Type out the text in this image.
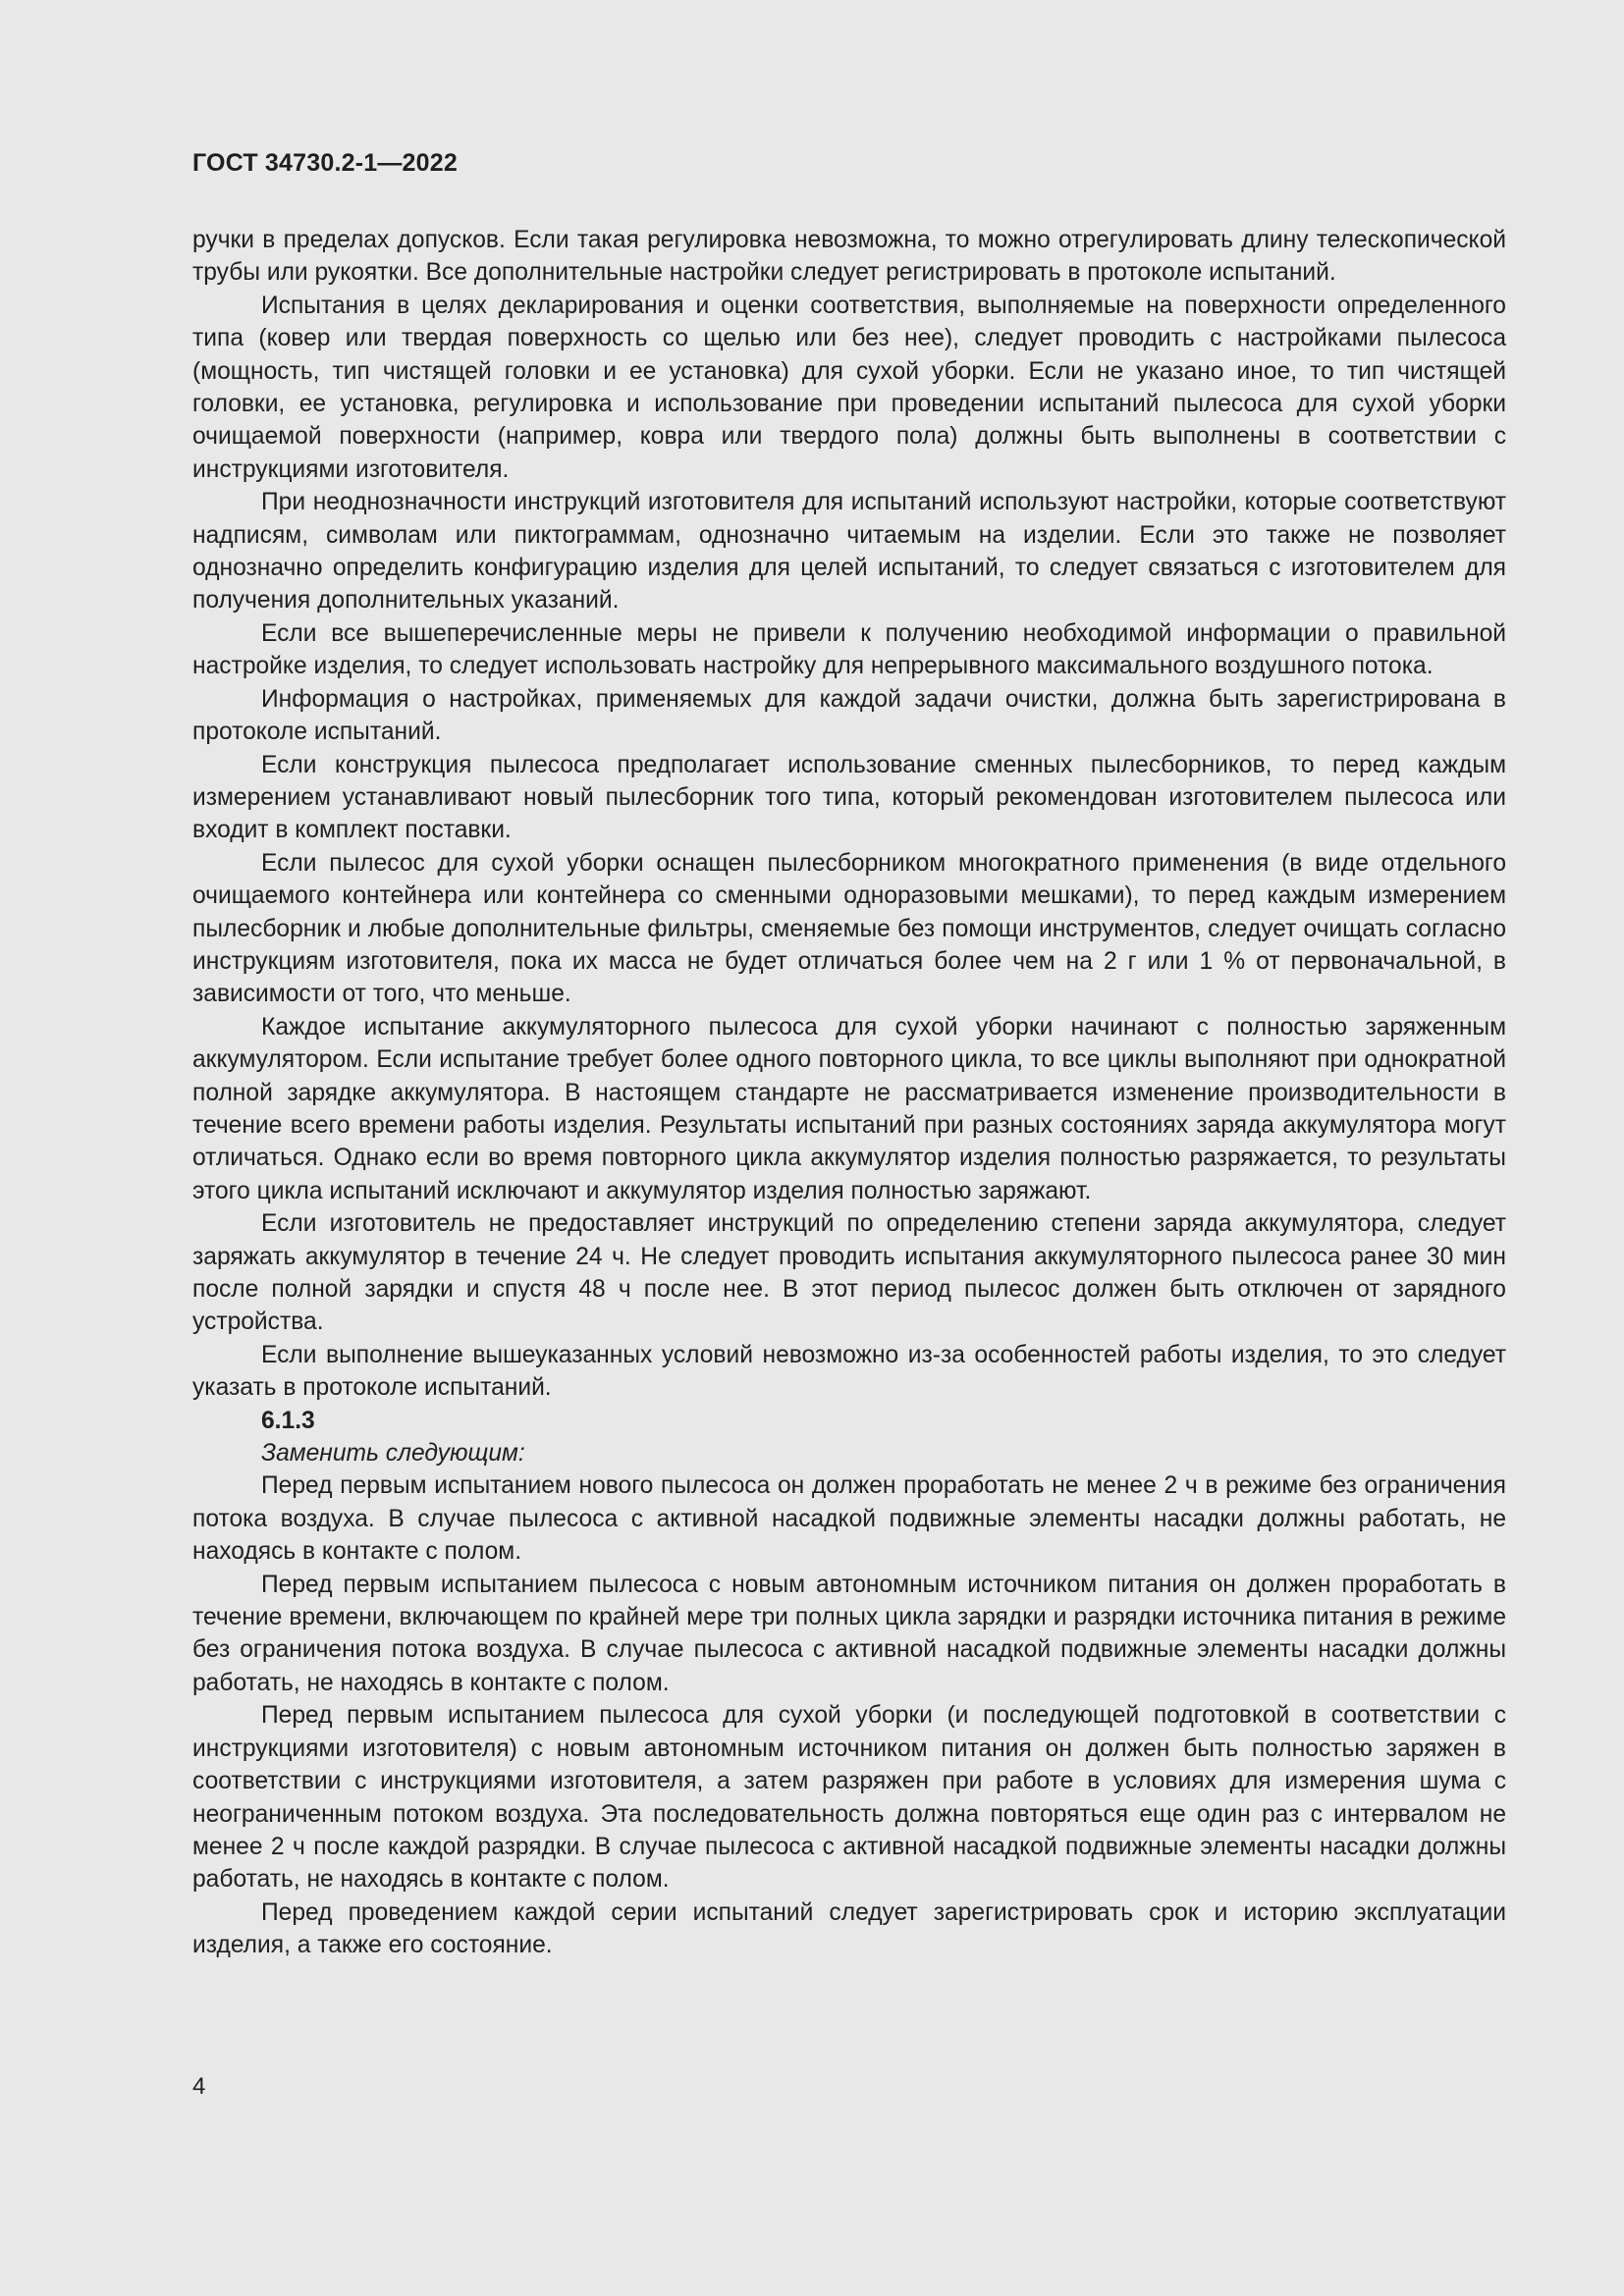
ГОСТ 34730.2-1—2022

ручки в пределах допусков. Если такая регулировка невозможна, то можно отрегулировать длину телескопической трубы или рукоятки. Все дополнительные настройки следует регистрировать в протоколе испытаний.

Испытания в целях декларирования и оценки соответствия, выполняемые на поверхности определенного типа (ковер или твердая поверхность со щелью или без нее), следует проводить с настройками пылесоса (мощность, тип чистящей головки и ее установка) для сухой уборки. Если не указано иное, то тип чистящей головки, ее установка, регулировка и использование при проведении испытаний пылесоса для сухой уборки очищаемой поверхности (например, ковра или твердого пола) должны быть выполнены в соответствии с инструкциями изготовителя.

При неоднозначности инструкций изготовителя для испытаний используют настройки, которые соответствуют надписям, символам или пиктограммам, однозначно читаемым на изделии. Если это также не позволяет однозначно определить конфигурацию изделия для целей испытаний, то следует связаться с изготовителем для получения дополнительных указаний.

Если все вышеперечисленные меры не привели к получению необходимой информации о правильной настройке изделия, то следует использовать настройку для непрерывного максимального воздушного потока.

Информация о настройках, применяемых для каждой задачи очистки, должна быть зарегистрирована в протоколе испытаний.

Если конструкция пылесоса предполагает использование сменных пылесборников, то перед каждым измерением устанавливают новый пылесборник того типа, который рекомендован изготовителем пылесоса или входит в комплект поставки.

Если пылесос для сухой уборки оснащен пылесборником многократного применения (в виде отдельного очищаемого контейнера или контейнера со сменными одноразовыми мешками), то перед каждым измерением пылесборник и любые дополнительные фильтры, сменяемые без помощи инструментов, следует очищать согласно инструкциям изготовителя, пока их масса не будет отличаться более чем на 2 г или 1 % от первоначальной, в зависимости от того, что меньше.

Каждое испытание аккумуляторного пылесоса для сухой уборки начинают с полностью заряженным аккумулятором. Если испытание требует более одного повторного цикла, то все циклы выполняют при однократной полной зарядке аккумулятора. В настоящем стандарте не рассматривается изменение производительности в течение всего времени работы изделия. Результаты испытаний при разных состояниях заряда аккумулятора могут отличаться. Однако если во время повторного цикла аккумулятор изделия полностью разряжается, то результаты этого цикла испытаний исключают и аккумулятор изделия полностью заряжают.

Если изготовитель не предоставляет инструкций по определению степени заряда аккумулятора, следует заряжать аккумулятор в течение 24 ч. Не следует проводить испытания аккумуляторного пылесоса ранее 30 мин после полной зарядки и спустя 48 ч после нее. В этот период пылесос должен быть отключен от зарядного устройства.

Если выполнение вышеуказанных условий невозможно из-за особенностей работы изделия, то это следует указать в протоколе испытаний.

6.1.3

Заменить следующим:

Перед первым испытанием нового пылесоса он должен проработать не менее 2 ч в режиме без ограничения потока воздуха. В случае пылесоса с активной насадкой подвижные элементы насадки должны работать, не находясь в контакте с полом.

Перед первым испытанием пылесоса с новым автономным источником питания он должен проработать в течение времени, включающем по крайней мере три полных цикла зарядки и разрядки источника питания в режиме без ограничения потока воздуха. В случае пылесоса с активной насадкой подвижные элементы насадки должны работать, не находясь в контакте с полом.

Перед первым испытанием пылесоса для сухой уборки (и последующей подготовкой в соответствии с инструкциями изготовителя) с новым автономным источником питания он должен быть полностью заряжен в соответствии с инструкциями изготовителя, а затем разряжен при работе в условиях для измерения шума с неограниченным потоком воздуха. Эта последовательность должна повторяться еще один раз с интервалом не менее 2 ч после каждой разрядки. В случае пылесоса с активной насадкой подвижные элементы насадки должны работать, не находясь в контакте с полом.

Перед проведением каждой серии испытаний следует зарегистрировать срок и историю эксплуатации изделия, а также его состояние.

4
